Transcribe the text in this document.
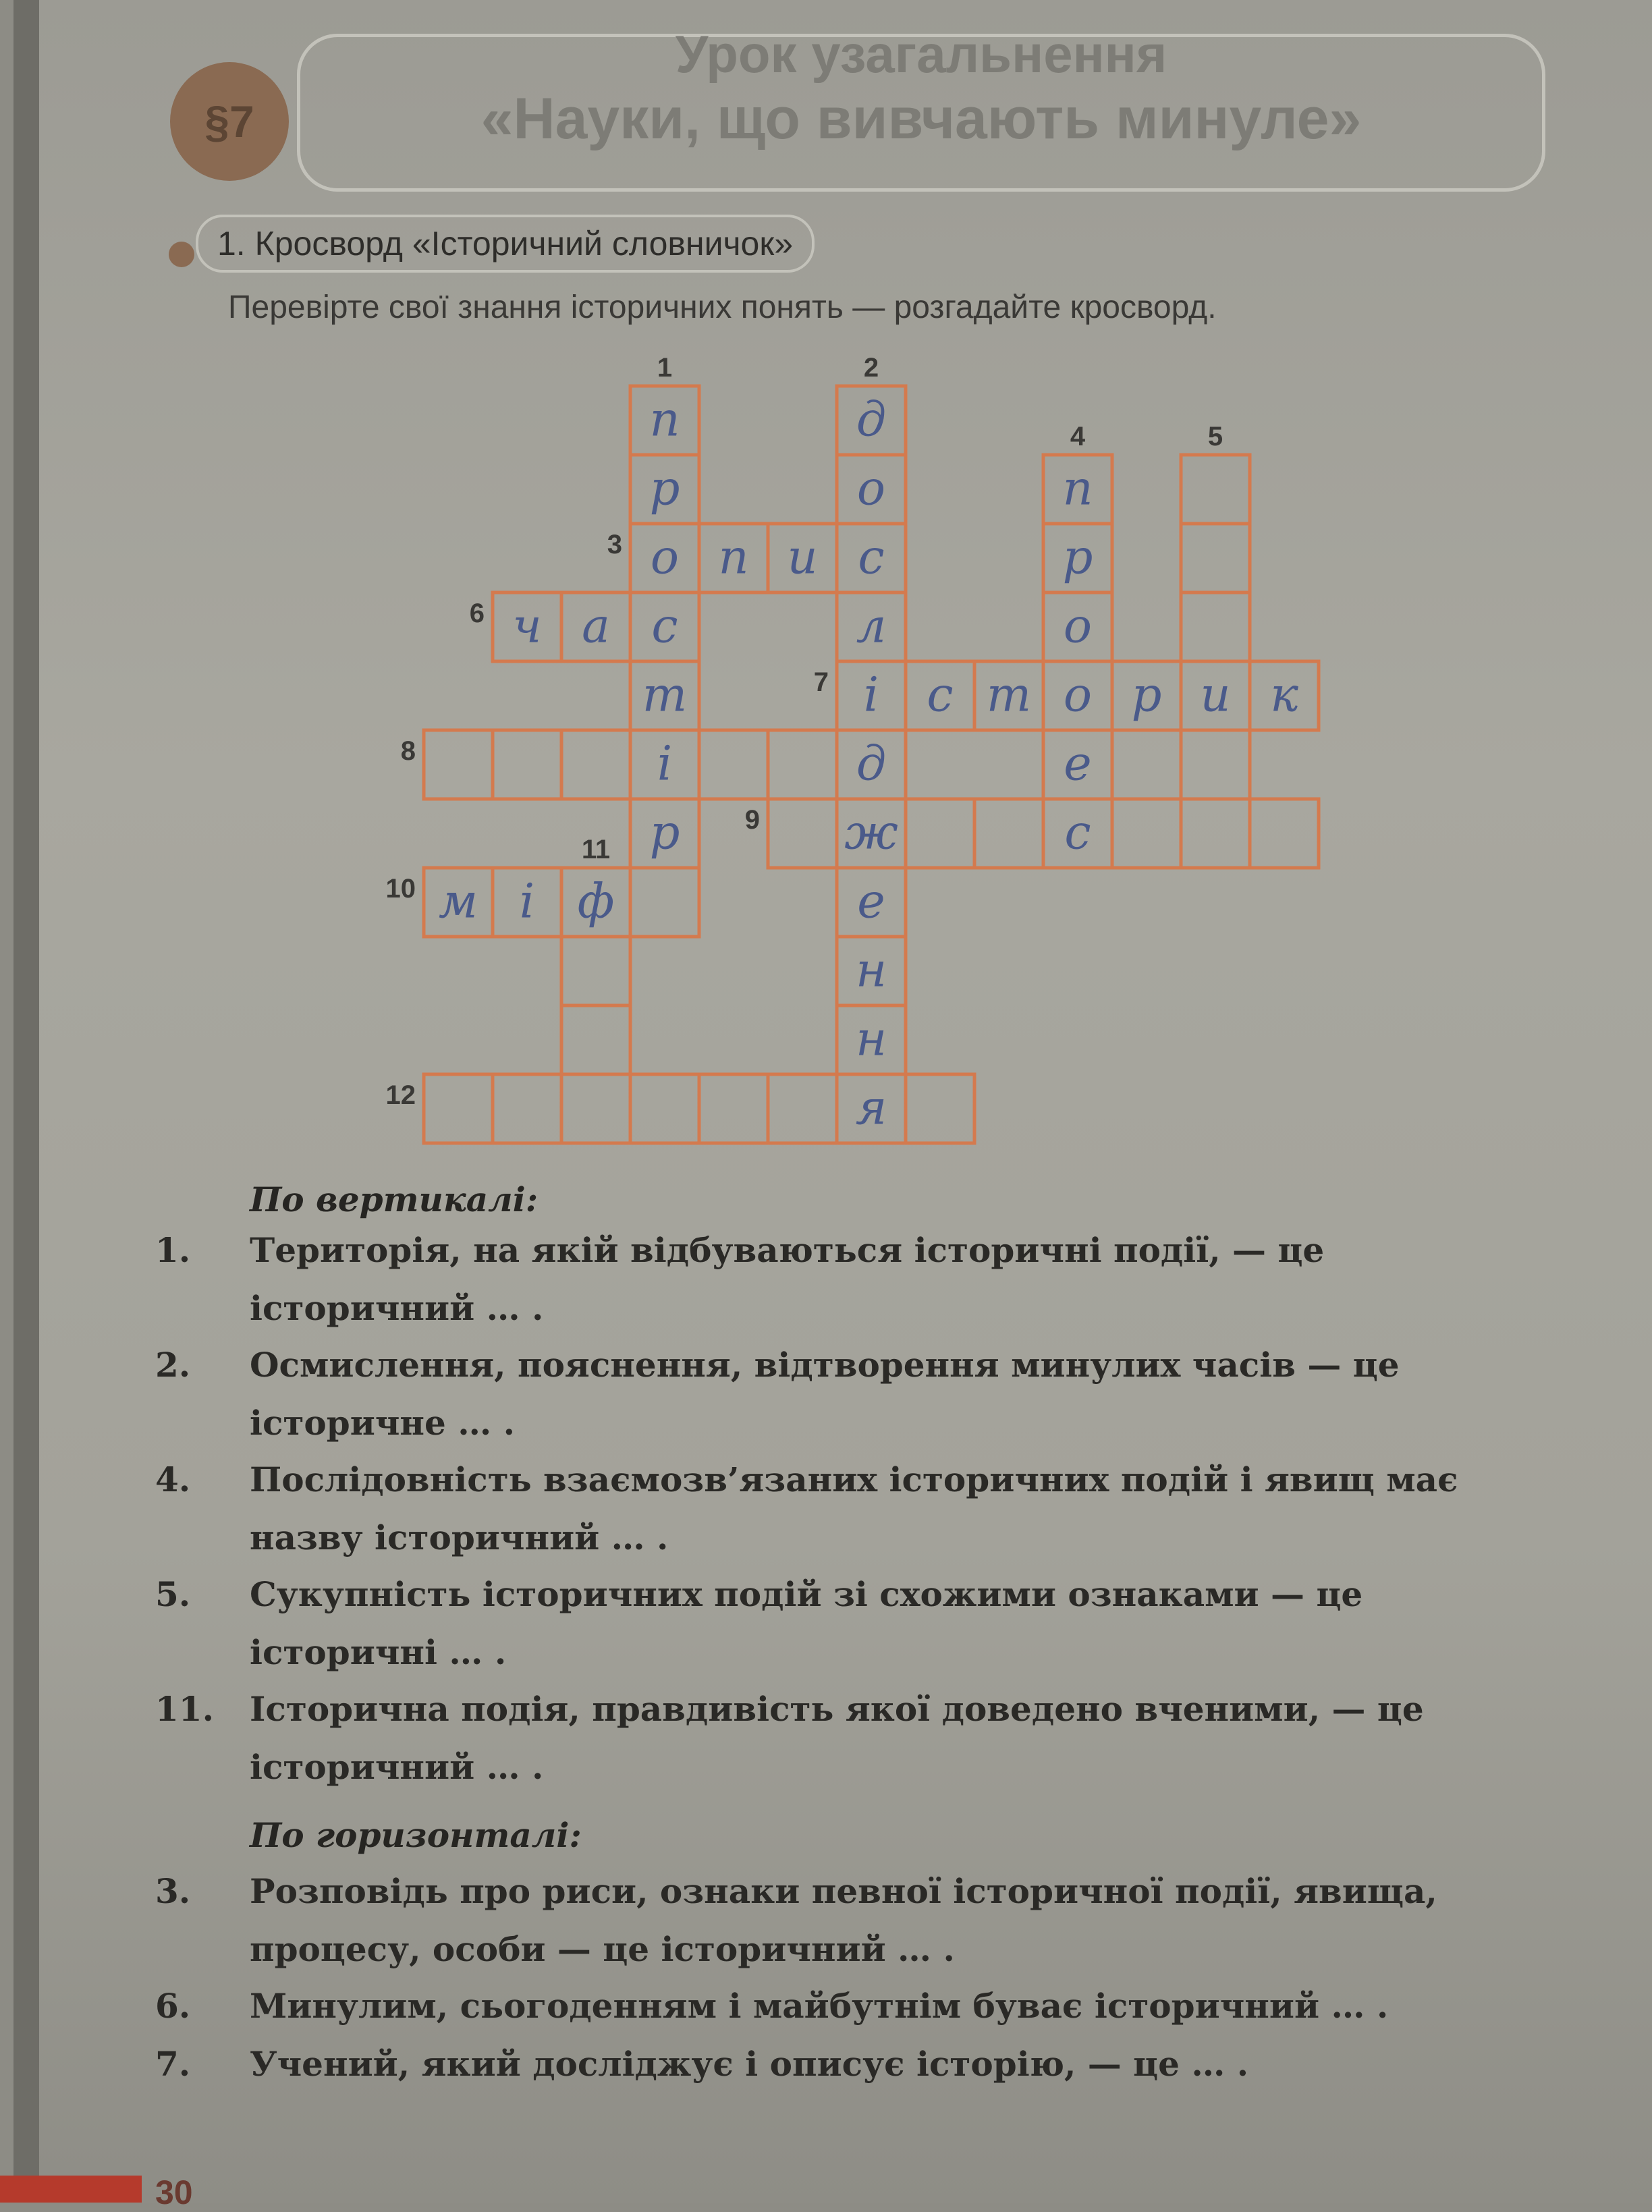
§7
Урок узагальнення
«Науки, що вивчають минуле»
1. Кросворд «Історичний словничок»
Перевірте свої знання історичних понять — розгадайте кросворд.
п
р
о
с
т
і
р
д
о
с
л
і
д
ж
е
н
н
я
п и
п
р
о
о
е
с
и
ч а
с т р к
м і ф
1	2
3
4	5
6
7
8
9
10
11
12
По вертикалі:
1. Територія, на якій відбуваються історичні події, — це історичний … .
2. Осмислення, пояснення, відтворення минулих часів — це історичне … .
4. Послідовність взаємозв’язаних історичних подій і явищ має назву історичний … .
5. Сукупність історичних подій зі схожими ознаками — це історичні … .
11. Історична подія, правдивість якої доведено вченими, — це історичний … .
По горизонталі:
3. Розповідь про риси, ознаки певної історичної події, явища, процесу, особи — це історичний … .
6. Минулим, сьогоденням і майбутнім буває історичний … .
7. Учений, який досліджує і описує історію, — це … .
30
